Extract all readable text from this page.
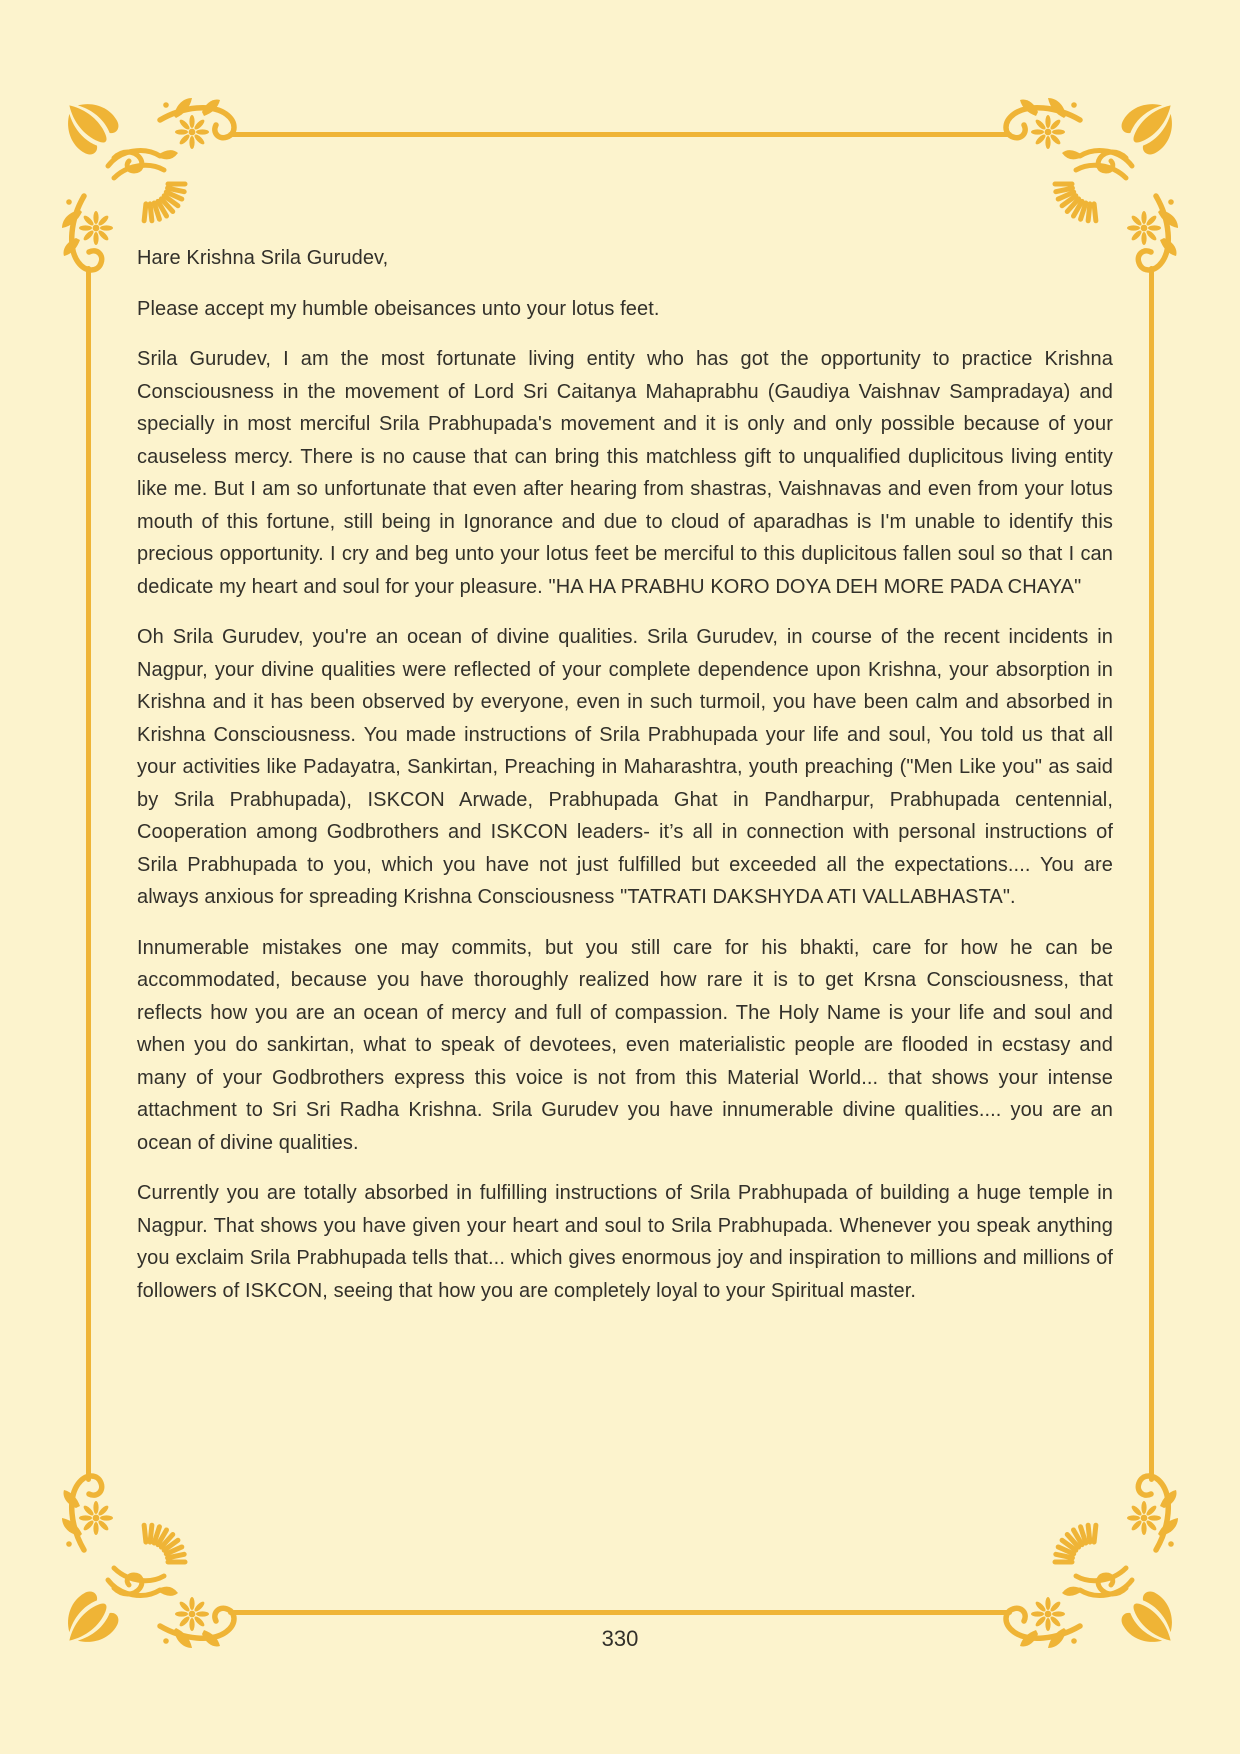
Hare Krishna Srila Gurudev,

Please accept my humble obeisances unto your lotus feet.

Srila Gurudev, I am the most fortunate living entity who has got the opportunity to practice Krishna Consciousness in the movement of Lord Sri Caitanya Mahaprabhu (Gaudiya Vaishnav Sampradaya) and specially in most merciful Srila Prabhupada's movement and it is only and only possible because of your causeless mercy. There is no cause that can bring this matchless gift to unqualified duplicitous living entity like me. But I am so unfortunate that even after hearing from shastras, Vaishnavas and even from your lotus mouth of this fortune, still being in Ignorance and due to cloud of aparadhas is I'm unable to identify this precious opportunity. I cry and beg unto your lotus feet be merciful to this duplicitous fallen soul so that I can dedicate my heart and soul for your pleasure. "HA HA PRABHU KORO DOYA DEH MORE PADA CHAYA"

Oh Srila Gurudev, you're an ocean of divine qualities. Srila Gurudev, in course of the recent incidents in Nagpur, your divine qualities were reflected of your complete dependence upon Krishna, your absorption in Krishna and it has been observed by everyone, even in such turmoil, you have been calm and absorbed in Krishna Consciousness. You made instructions of Srila Prabhupada your life and soul, You told us that all your activities like Padayatra, Sankirtan, Preaching in Maharashtra, youth preaching ("Men Like you" as said by Srila Prabhupada), ISKCON Arwade, Prabhupada Ghat in Pandharpur, Prabhupada centennial, Cooperation among Godbrothers and ISKCON leaders- it’s all in connection with personal instructions of Srila Prabhupada to you, which you have not just fulfilled but exceeded all the expectations.... You are always anxious for spreading Krishna Consciousness "TATRATI DAKSHYDA ATI VALLABHASTA".

Innumerable mistakes one may commits, but you still care for his bhakti, care for how he can be accommodated, because you have thoroughly realized how rare it is to get Krsna Consciousness, that reflects how you are an ocean of mercy and full of compassion. The Holy Name is your life and soul and when you do sankirtan, what to speak of devotees, even materialistic people are flooded in ecstasy and many of your Godbrothers express this voice is not from this Material World... that shows your intense attachment to Sri Sri Radha Krishna. Srila Gurudev you have innumerable divine qualities.... you are an ocean of divine qualities.

Currently you are totally absorbed in fulfilling instructions of Srila Prabhupada of building a huge temple in Nagpur. That shows you have given your heart and soul to Srila Prabhupada. Whenever you speak anything you exclaim Srila Prabhupada tells that... which gives enormous joy and inspiration to millions and millions of followers of ISKCON, seeing that how you are completely loyal to your Spiritual master.

330
